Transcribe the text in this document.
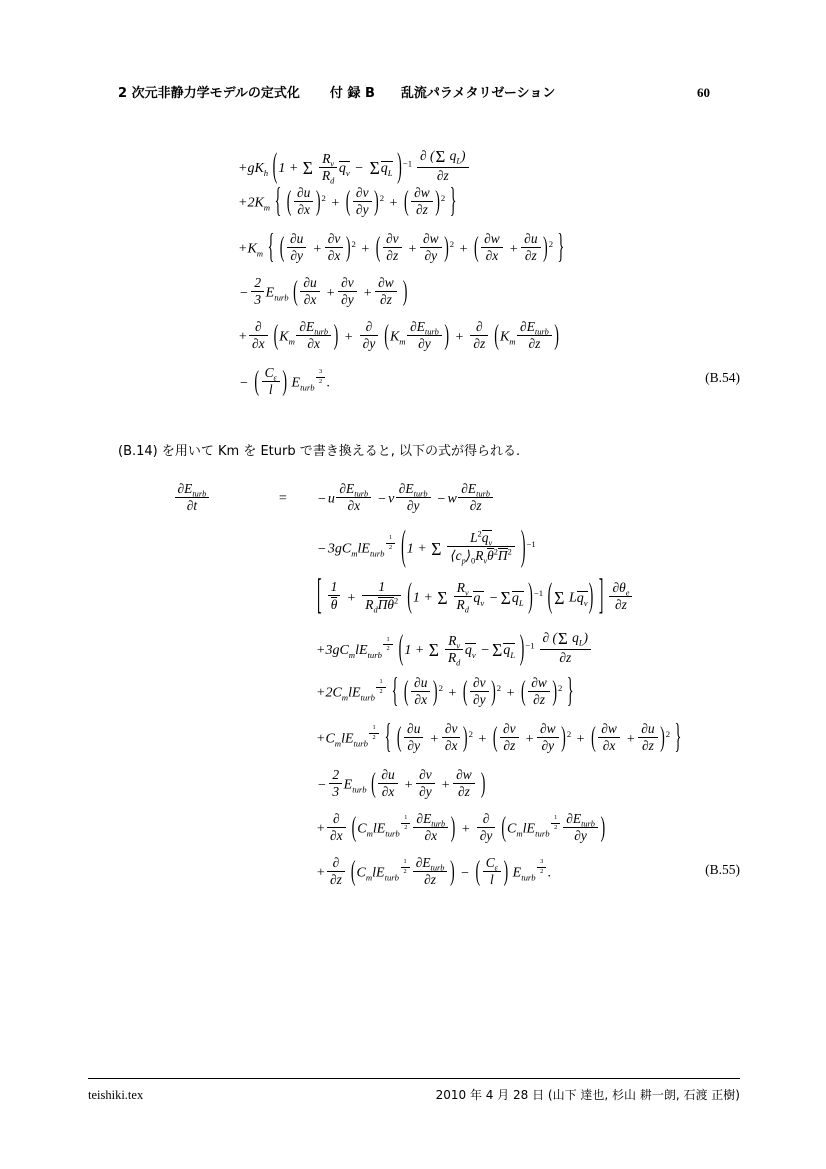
2 次元非静力学モデルの定式化 付 録 B 乱流パラメタリゼーション	60
$+gK_h$ (1 + Σ $\frac{R_v}{R_d} q_v - \Sigma q_L$ )$^{-1} \frac{\partial (\Sigma q_L)}{\partial z}$
$+2K_m$ { ( $\frac{\partial u}{\partial x} )^2$ + ( $\frac{\partial v}{\partial y} )^2$ + ( $\frac{\partial w}{\partial z} )^2$ }
$+K_m$ { ( $\frac{\partial u}{\partial y} + \frac{\partial v}{\partial x} )^2$ + ( $\frac{\partial v}{\partial z} + \frac{\partial w}{\partial y} )^2$ + ( $\frac{\partial w}{\partial x} + \frac{\partial u}{\partial z} )^2$ }
− $\frac{2}{3} E_{turb}$ ( $\frac{\partial u}{\partial x} + \frac{\partial v}{\partial y} + \frac{\partial w}{\partial z}$ )
+ $\frac{\partial}{\partial x} (K_m \frac{\partial E_{turb}}{\partial x}$ ) + $\frac{\partial}{\partial y} (K_m \frac{\partial E_{turb}}{\partial y}$ ) + $\frac{\partial}{\partial z} (K_m \frac{\partial E_{turb}}{\partial z}$ )
− ( $\frac{C_\varepsilon}{l}$ ) $E_{turb}$
$^{\frac{3}{2}}$ .	(B.54)
(B.14) を用いて Km を Eturb で書き換えると, 以下の式が得られる.
$\frac{\partial E_{turb}}{\partial t}$	= − u $\frac{\partial E_{turb}}{\partial x} - v \frac{\partial E_{turb}}{\partial y} - w \frac{\partial E_{turb}}{\partial z}$
− $3gC_mlE_{turb}$
$^{\frac{1}{2}}$ (1 + Σ $\frac{L^2q_v}{⟨c_p⟩_0R_v\theta^2\Pi^2} )^{-1}$
[ $\frac{1}{\theta} + \frac{1}{R_d\Pi\theta^2} (1 + \Sigma \frac{R_v}{R_d} q_v - \Sigma q_L$ )$^{-1}$ ( Σ $Lq_v$) ] $\frac{\partial\theta_e}{\partial z}$
$+3gC_mlE_{turb}$
$^{\frac{1}{2}}$ (1 + Σ $\frac{R_v}{R_d} q_v - \Sigma q_L$ )$^{-1} \frac{\partial (\Sigma q_L)}{\partial z}$
$+2C_mlE_{turb}$
$^{\frac{1}{2}}$ { ( $\frac{\partial u}{\partial x} )^2$ + ( $\frac{\partial v}{\partial y} )^2$ + ( $\frac{\partial w}{\partial z} )^2$ }
$+C_mlE_{turb}$
$^{\frac{1}{2}}$ { ( $\frac{\partial u}{\partial y} + \frac{\partial v}{\partial x} )^2$ + ( $\frac{\partial v}{\partial z} + \frac{\partial w}{\partial y} )^2$ + ( $\frac{\partial w}{\partial x} + \frac{\partial u}{\partial z} )^2$ }
− $\frac{2}{3} E_{turb}$ ( $\frac{\partial u}{\partial x} + \frac{\partial v}{\partial y} + \frac{\partial w}{\partial z}$ )
+ $\frac{\partial}{\partial x} (C_mlE_{turb}$
$^{\frac{1}{2}} \frac{\partial E_{turb}}{\partial x}$ ) + $\frac{\partial}{\partial y} (C_mlE_{turb}$
$^{\frac{1}{2}} \frac{\partial E_{turb}}{\partial y}$ )
+ $\frac{\partial}{\partial z} (C_mlE_{turb}$
$^{\frac{1}{2}} \frac{\partial E_{turb}}{\partial z}$ ) − ( $\frac{C_\varepsilon}{l}$ ) $E_{turb}$
$^{\frac{3}{2}}$ .	(B.55)
teishiki.tex	2010 年 4 月 28 日 (山下 達也, 杉山 耕一朗, 石渡 正樹)
